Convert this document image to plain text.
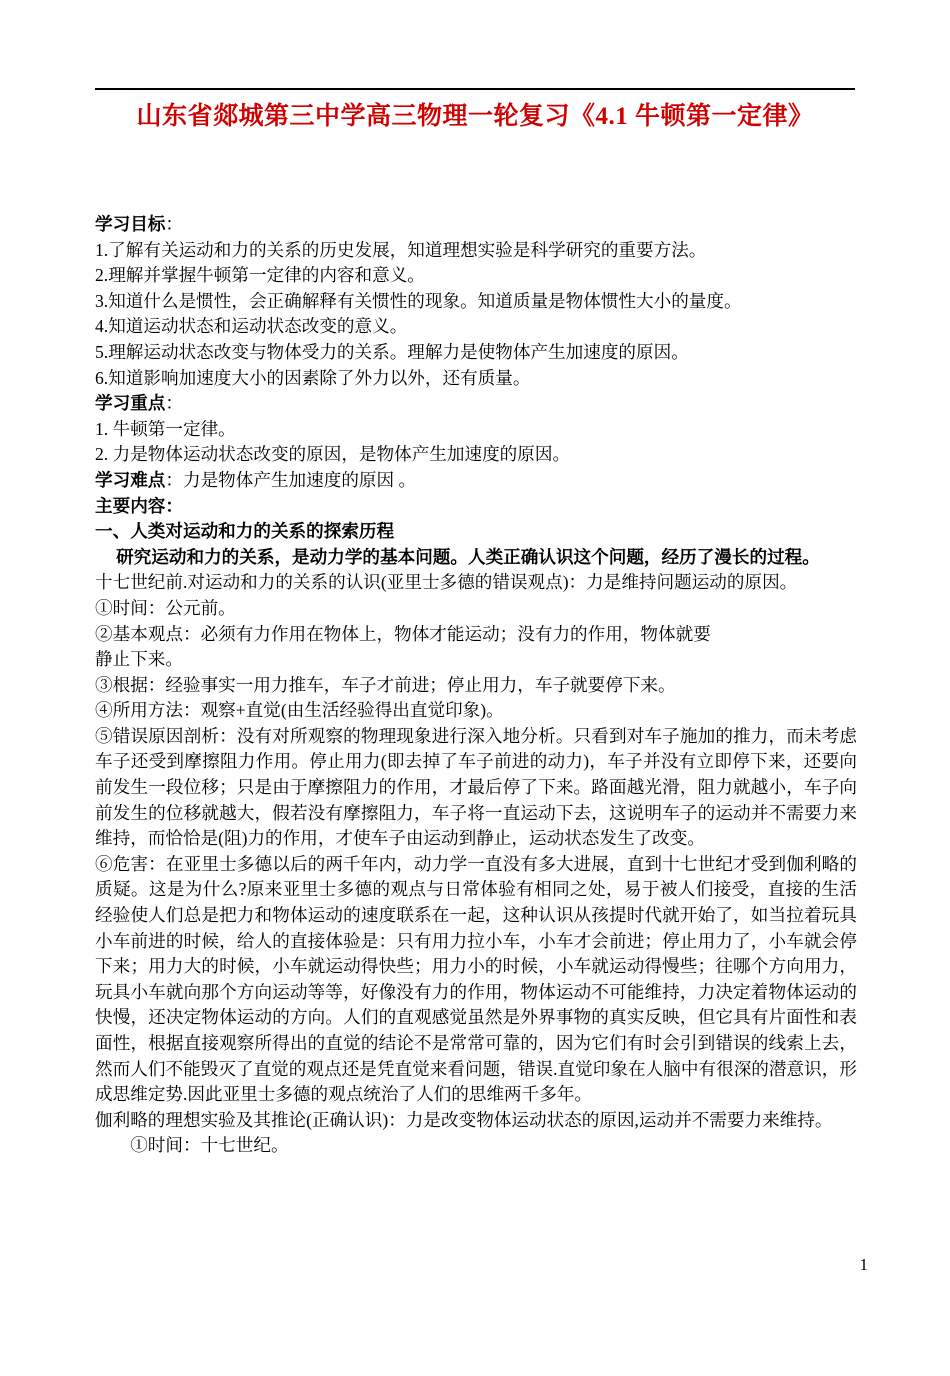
山东省郯城第三中学高三物理一轮复习《4.1 牛顿第一定律》

学习目标：

1.了解有关运动和力的关系的历史发展，知道理想实验是科学研究的重要方法。

2.理解并掌握牛顿第一定律的内容和意义。

3.知道什么是惯性，会正确解释有关惯性的现象。知道质量是物体惯性大小的量度。

4.知道运动状态和运动状态改变的意义。

5.理解运动状态改变与物体受力的关系。理解力是使物体产生加速度的原因。

6.知道影响加速度大小的因素除了外力以外，还有质量。

学习重点：

1. 牛顿第一定律。

2. 力是物体运动状态改变的原因，是物体产生加速度的原因。

学习难点：力是物体产生加速度的原因 。

主要内容：

一、人类对运动和力的关系的探索历程

研究运动和力的关系，是动力学的基本问题。人类正确认识这个问题，经历了漫长的过程。

十七世纪前.对运动和力的关系的认识(亚里士多德的错误观点)：力是维持问题运动的原因。

①时间：公元前。

②基本观点：必须有力作用在物体上，物体才能运动；没有力的作用，物体就要

静止下来。

③根据：经验事实一用力推车，车子才前进；停止用力，车子就要停下来。

④所用方法：观察+直觉(由生活经验得出直觉印象)。

⑤错误原因剖析：没有对所观察的物理现象进行深入地分析。只看到对车子施加的推力，而未考虑车子还受到摩擦阻力作用。停止用力(即去掉了车子前进的动力)，车子并没有立即停下来，还要向前发生一段位移；只是由于摩擦阻力的作用，才最后停了下来。路面越光滑，阻力就越小，车子向前发生的位移就越大，假若没有摩擦阻力，车子将一直运动下去，这说明车子的运动并不需要力来维持，而恰恰是(阻)力的作用，才使车子由运动到静止，运动状态发生了改变。

⑥危害：在亚里士多德以后的两千年内，动力学一直没有多大进展，直到十七世纪才受到伽利略的质疑。这是为什么?原来亚里士多德的观点与日常体验有相同之处，易于被人们接受，直接的生活经验使人们总是把力和物体运动的速度联系在一起，这种认识从孩提时代就开始了，如当拉着玩具小车前进的时候，给人的直接体验是：只有用力拉小车，小车才会前进；停止用力了，小车就会停下来；用力大的时候，小车就运动得快些；用力小的时候，小车就运动得慢些；往哪个方向用力，玩具小车就向那个方向运动等等，好像没有力的作用，物体运动不可能维持，力决定着物体运动的快慢，还决定物体运动的方向。人们的直观感觉虽然是外界事物的真实反映，但它具有片面性和表面性，根据直接观察所得出的直觉的结论不是常常可靠的，因为它们有时会引到错误的线索上去，然而人们不能毁灭了直觉的观点还是凭直觉来看问题，错误.直觉印象在人脑中有很深的潜意识，形成思维定势.因此亚里士多德的观点统治了人们的思维两千多年。

伽利略的理想实验及其推论(正确认识)：力是改变物体运动状态的原因,运动并不需要力来维持。

①时间：十七世纪。

1
